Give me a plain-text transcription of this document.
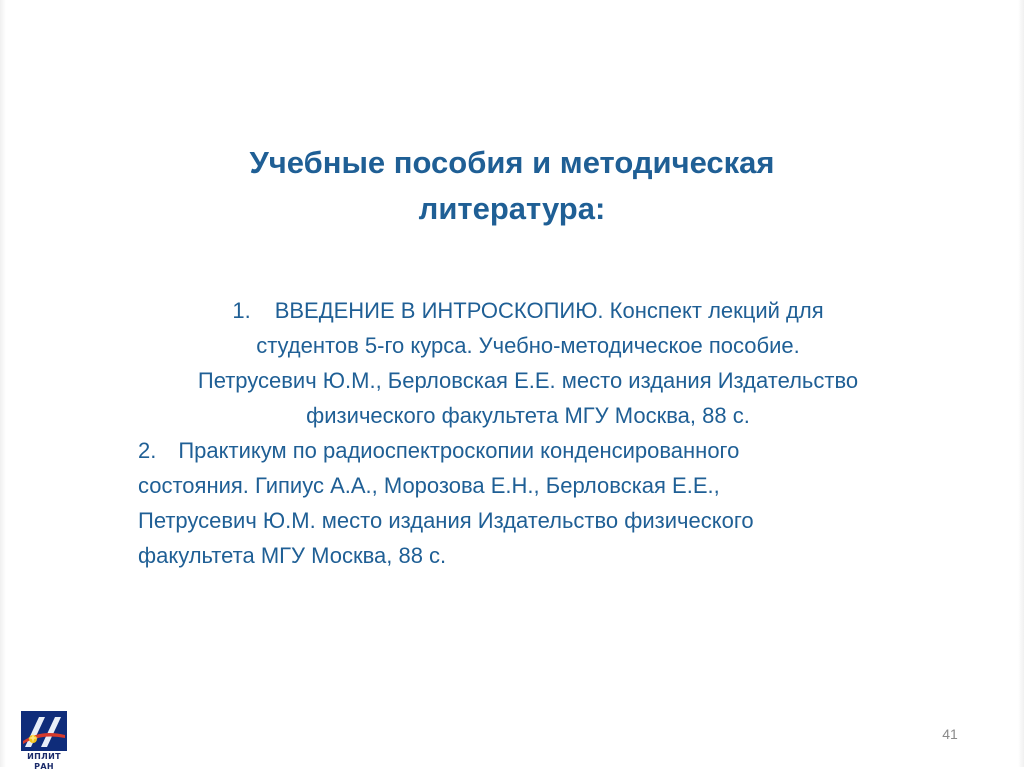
Учебные пособия и методическая
литература:
1. ВВЕДЕНИЕ В ИНТРОСКОПИЮ. Конспект лекций для
студентов 5-го курса. Учебно-методическое пособие.
Петрусевич Ю.М., Берловская Е.Е. место издания Издательство
физического факультета МГУ Москва, 88 с.
2. Практикум по радиоспектроскопии конденсированного
состояния. Гипиус А.А., Морозова Е.Н., Берловская Е.Е.,
Петрусевич Ю.М. место издания Издательство физического
факультета МГУ Москва, 88 с.
ИПЛИТ РАН
41
